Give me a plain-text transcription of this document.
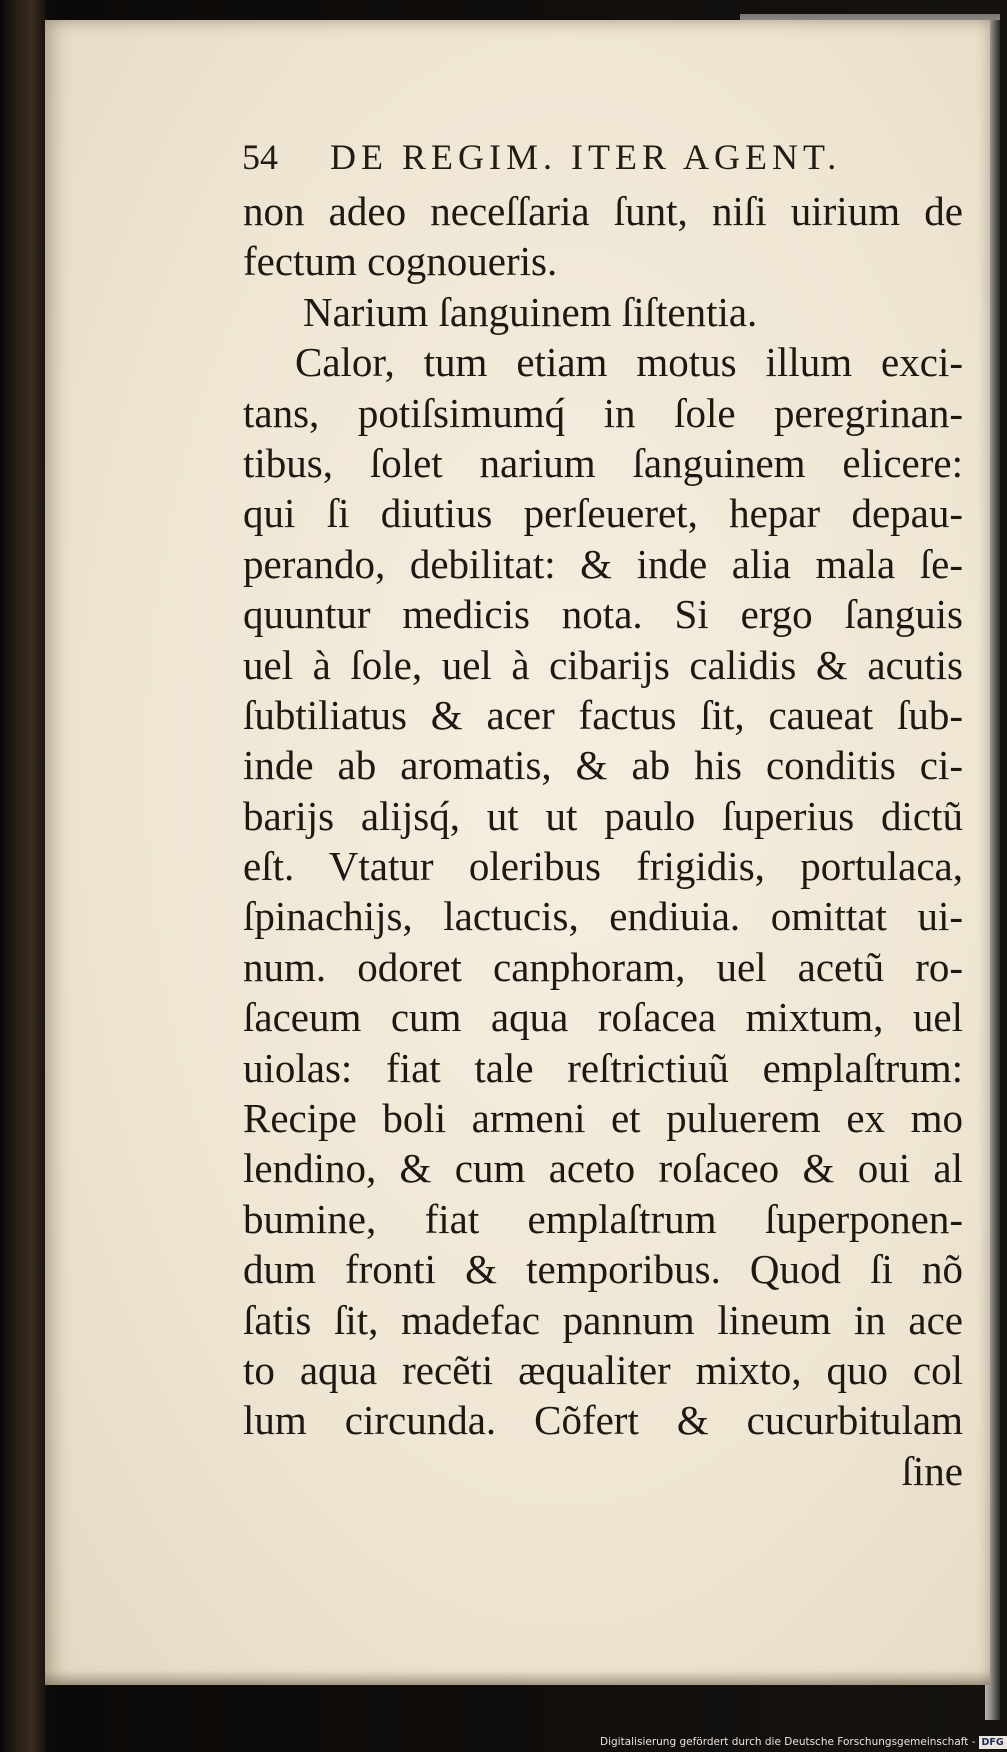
54 DE REGIM. ITER AGENT.
non adeo neceſſaria ſunt, niſi uirium de
fectum cognoueris.
Narium ſanguinem ſiſtentia.
Calor, tum etiam motus illum exci-
tans, potiſsimumq́ in ſole peregrinan-
tibus, ſolet narium ſanguinem elicere:
qui ſi diutius perſeueret, hepar depau-
perando, debilitat: & inde alia mala ſe-
quuntur medicis nota. Si ergo ſanguis
uel à ſole, uel à cibarijs calidis & acutis
ſubtiliatus & acer factus ſit, caueat ſub-
inde ab aromatis, & ab his conditis ci-
barijs alijsq́, ut ut paulo ſuperius dictũ
eſt. Vtatur oleribus frigidis, portulaca,
ſpinachijs, lactucis, endiuia. omittat ui-
num. odoret canphoram, uel acetũ ro-
ſaceum cum aqua roſacea mixtum, uel
uiolas: fiat tale reſtrictiuũ emplaſtrum:
Recipe boli armeni et puluerem ex mo
lendino, & cum aceto roſaceo & oui al
bumine, fiat emplaſtrum ſuperponen-
dum fronti & temporibus. Quod ſi nõ
ſatis ſit, madefac pannum lineum in ace
to aqua recẽti æqualiter mixto, quo col
lum circunda. Cõfert & cucurbitulam
ſine
Digitalisierung gefördert durch die Deutsche Forschungsgemeinschaft - DFG
